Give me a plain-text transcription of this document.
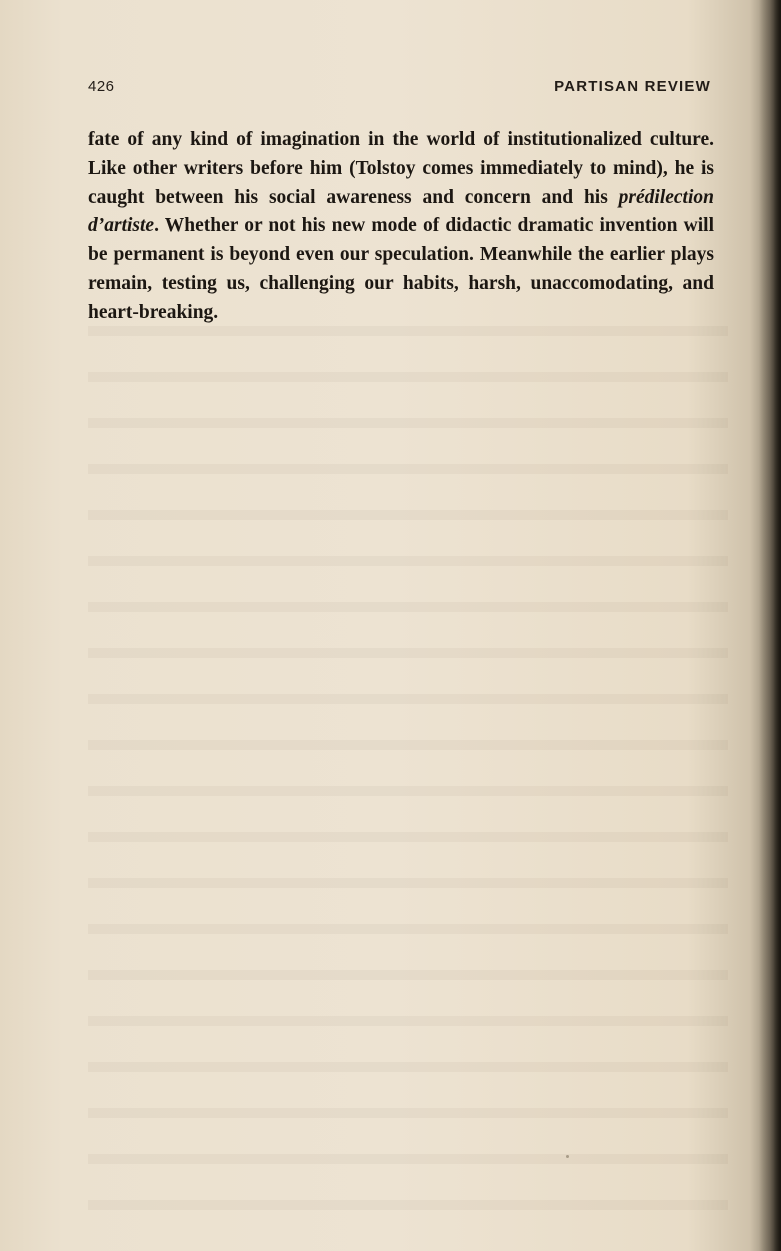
426	PARTISAN REVIEW

fate of any kind of imagination in the world of institutionalized culture. Like other writers before him (Tolstoy comes immediately to mind), he is caught between his social awareness and concern and his prédilection d’artiste. Whether or not his new mode of didactic dramatic invention will be permanent is beyond even our speculation. Meanwhile the earlier plays remain, testing us, challenging our habits, harsh, unaccomodating, and heart-breaking.
